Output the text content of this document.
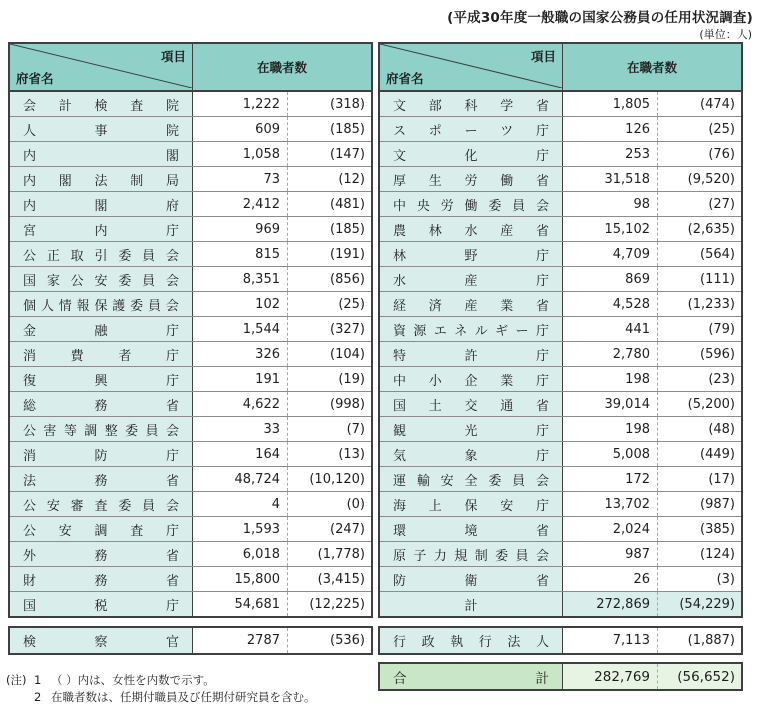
(平成30年度一般職の国家公務員の任用状況調査)
(単位：人)
項目
府省名
在職者数
会 計 検 査 院	1,222	(318)
人	事	院	609	(185)
内	閣	1,058	(147)
内 閣 法 制 局	73	(12)
内	閣	府	2,412	(481)
宮	内	庁	969	(185)
公 正 取 引 委 員 会	815	(191)
国 家 公 安 委 員 会	8,351	(856)
個 人 情 報 保 護 委 員 会	102	(25)
金	融	庁	1,544	(327)
消	費	者	庁	326	(104)
復	興	庁	191	(19)
総	務	省	4,622	(998)
公 害 等 調 整 委 員 会	33	(7)
消	防	庁	164	(13)
法	務	省	48,724	(10,120)
公 安 審 査 委 員 会	4	(0)
公 安 調 査 庁	1,593	(247)
外	務	省	6,018	(1,778)
財	務	省	15,800	(3,415)
国	税	庁	54,681	(12,225)
検	察	官	2787	(536)
項目
府省名
在職者数
文 部 科 学 省	1,805	(474)
ス ポ ー ツ 庁	126	(25)
文	化	庁	253	(76)
厚 生 労 働 省	31,518	(9,520)
中 央 労 働 委 員 会	98	(27)
農 林 水 産 省	15,102	(2,635)
林	野	庁	4,709	(564)
水	産	庁	869	(111)
経 済 産 業 省	4,528	(1,233)
資 源 エ ネ ル ギ ー 庁	441	(79)
特	許	庁	2,780	(596)
中 小 企 業 庁	198	(23)
国 土 交 通 省	39,014	(5,200)
観	光	庁	198	(48)
気	象	庁	5,008	(449)
運 輸 安 全 委 員 会	172	(17)
海 上 保 安 庁	13,702	(987)
環	境	省	2,024	(385)
原 子 力 規 制 委 員 会	987	(124)
防	衛	省	26	(3)
計	272,869	(54,229)
行 政 執 行 法 人	7,113	(1,887)
合	計	282,769	(56,652)
(注) 1 （ ）内は、女性を内数で示す。
2 在職者数は、任期付職員及び任期付研究員を含む。
